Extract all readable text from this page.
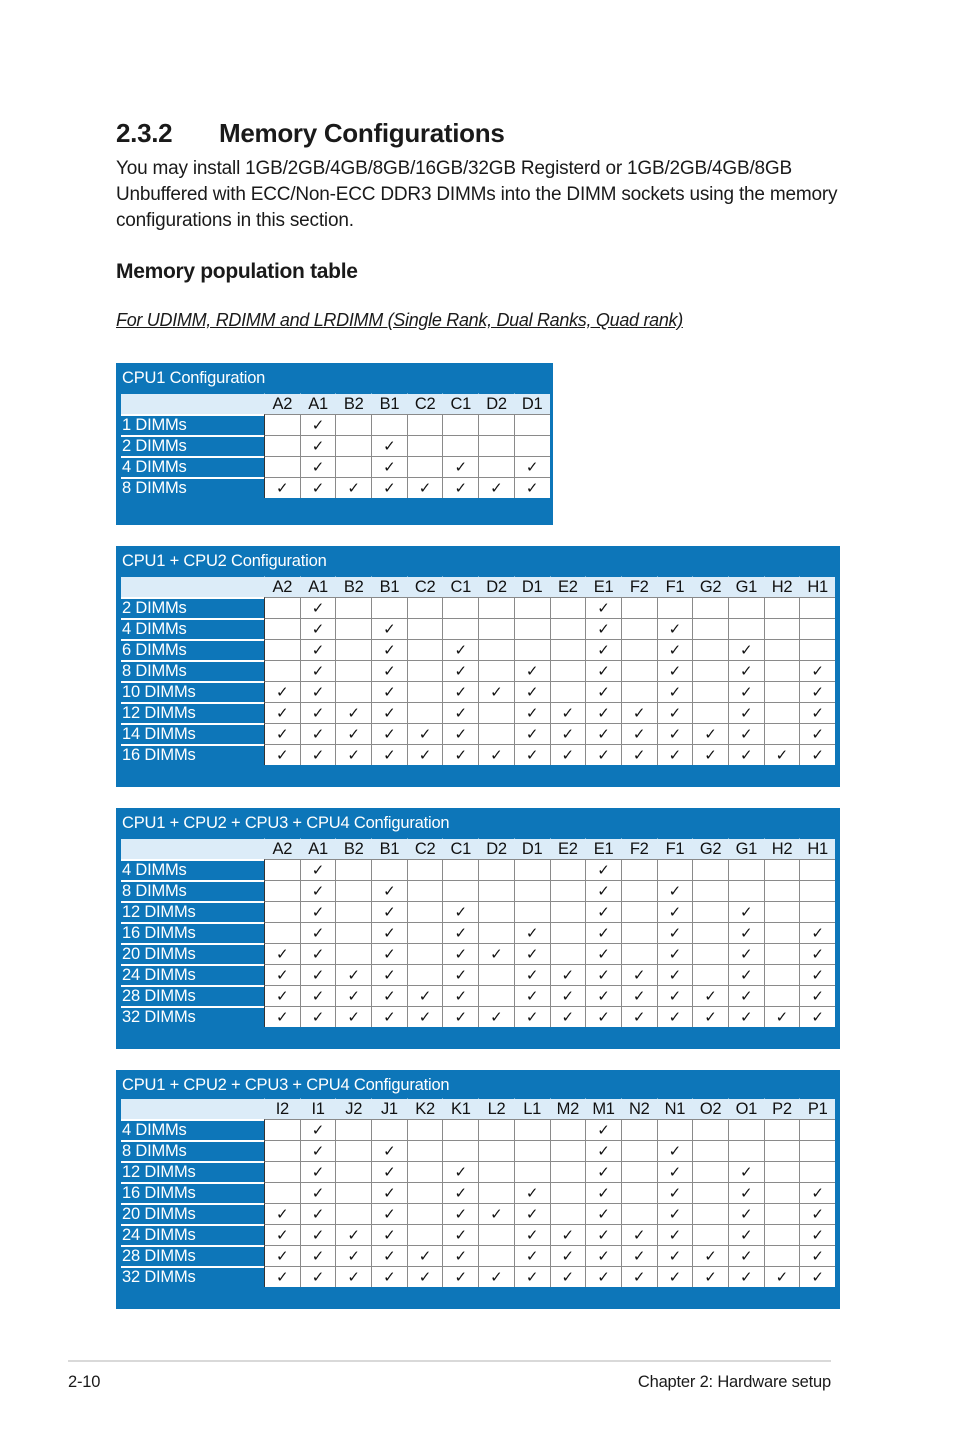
2.3.2 Memory Configurations
You may install 1GB/2GB/4GB/8GB/16GB/32GB Registerd or 1GB/2GB/4GB/8GB Unbuffered with ECC/Non-ECC DDR3 DIMMs into the DIMM sockets using the memory configurations in this section.
Memory population table
For UDIMM, RDIMM and LRDIMM (Single Rank, Dual Ranks, Quad rank)
CPU1 Configuration
	A2	A1	B2	B1	C2	C1	D2	D1
1 DIMMs		✓						
2 DIMMs		✓		✓				
4 DIMMs		✓		✓		✓		✓
8 DIMMs	✓	✓	✓	✓	✓	✓	✓	✓
CPU1 + CPU2 Configuration
	A2	A1	B2	B1	C2	C1	D2	D1	E2	E1	F2	F1	G2	G1	H2	H1
2 DIMMs		✓								✓						
4 DIMMs		✓		✓						✓		✓				
6 DIMMs		✓		✓		✓				✓		✓		✓		
8 DIMMs		✓		✓		✓		✓		✓		✓		✓		✓
10 DIMMs	✓	✓		✓		✓	✓	✓		✓		✓		✓		✓
12 DIMMs	✓	✓	✓	✓		✓		✓	✓	✓	✓	✓		✓		✓
14 DIMMs	✓	✓	✓	✓	✓	✓		✓	✓	✓	✓	✓	✓	✓		✓
16 DIMMs	✓	✓	✓	✓	✓	✓	✓	✓	✓	✓	✓	✓	✓	✓	✓	✓
CPU1 + CPU2 + CPU3 + CPU4 Configuration
	A2	A1	B2	B1	C2	C1	D2	D1	E2	E1	F2	F1	G2	G1	H2	H1
4 DIMMs		✓								✓						
8 DIMMs		✓		✓						✓		✓				
12 DIMMs		✓		✓		✓				✓		✓		✓		
16 DIMMs		✓		✓		✓		✓		✓		✓		✓		✓
20 DIMMs	✓	✓		✓		✓	✓	✓		✓		✓		✓		✓
24 DIMMs	✓	✓	✓	✓		✓		✓	✓	✓	✓	✓		✓		✓
28 DIMMs	✓	✓	✓	✓	✓	✓		✓	✓	✓	✓	✓	✓	✓		✓
32 DIMMs	✓	✓	✓	✓	✓	✓	✓	✓	✓	✓	✓	✓	✓	✓	✓	✓
CPU1 + CPU2 + CPU3 + CPU4 Configuration
	I2	I1	J2	J1	K2	K1	L2	L1	M2	M1	N2	N1	O2	O1	P2	P1
4 DIMMs		✓								✓						
8 DIMMs		✓		✓						✓		✓				
12 DIMMs		✓		✓		✓				✓		✓		✓		
16 DIMMs		✓		✓		✓		✓		✓		✓		✓		✓
20 DIMMs	✓	✓		✓		✓	✓	✓		✓		✓		✓		✓
24 DIMMs	✓	✓	✓	✓		✓		✓	✓	✓	✓	✓		✓		✓
28 DIMMs	✓	✓	✓	✓	✓	✓		✓	✓	✓	✓	✓	✓	✓		✓
32 DIMMs	✓	✓	✓	✓	✓	✓	✓	✓	✓	✓	✓	✓	✓	✓	✓	✓
2-10	Chapter 2: Hardware setup
